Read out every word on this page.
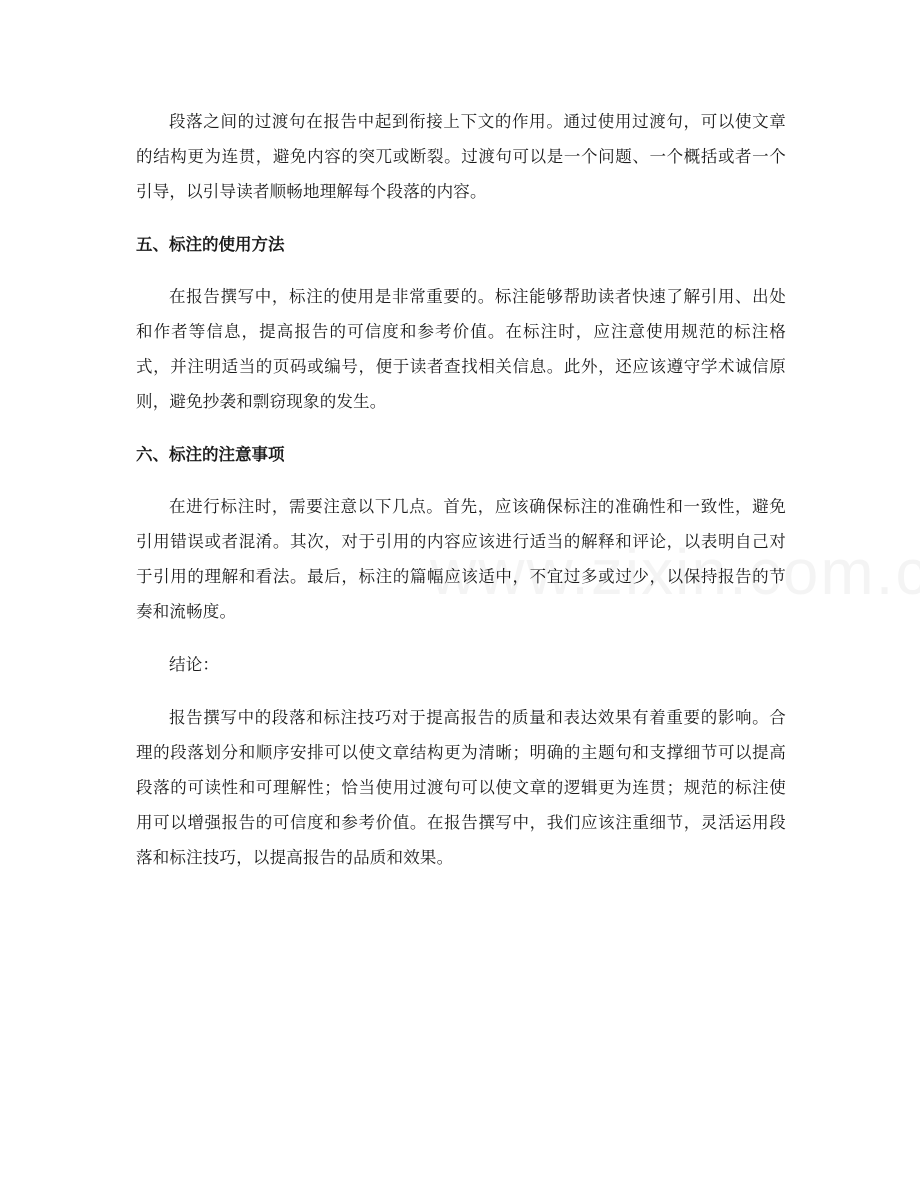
段落之间的过渡句在报告中起到衔接上下文的作用。通过使用过渡句，可以使文章的结构更为连贯，避免内容的突兀或断裂。过渡句可以是一个问题、一个概括或者一个引导，以引导读者顺畅地理解每个段落的内容。

五、标注的使用方法

在报告撰写中，标注的使用是非常重要的。标注能够帮助读者快速了解引用、出处和作者等信息，提高报告的可信度和参考价值。在标注时，应注意使用规范的标注格式，并注明适当的页码或编号，便于读者查找相关信息。此外，还应该遵守学术诚信原则，避免抄袭和剽窃现象的发生。

六、标注的注意事项

在进行标注时，需要注意以下几点。首先，应该确保标注的准确性和一致性，避免引用错误或者混淆。其次，对于引用的内容应该进行适当的解释和评论，以表明自己对于引用的理解和看法。最后，标注的篇幅应该适中，不宜过多或过少，以保持报告的节奏和流畅度。

结论：

报告撰写中的段落和标注技巧对于提高报告的质量和表达效果有着重要的影响。合理的段落划分和顺序安排可以使文章结构更为清晰；明确的主题句和支撑细节可以提高段落的可读性和可理解性；恰当使用过渡句可以使文章的逻辑更为连贯；规范的标注使用可以增强报告的可信度和参考价值。在报告撰写中，我们应该注重细节，灵活运用段落和标注技巧，以提高报告的品质和效果。
